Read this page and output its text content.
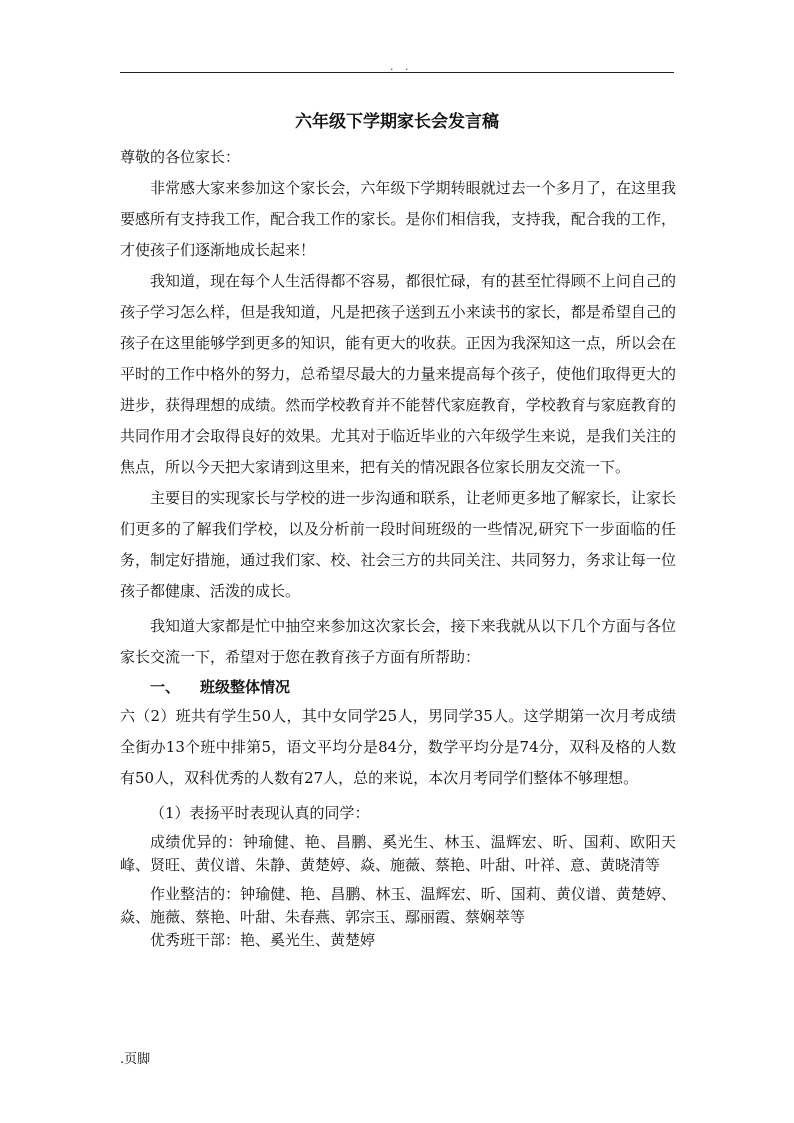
. .
六年级下学期家长会发言稿

尊敬的各位家长：

非常感大家来参加这个家长会，六年级下学期转眼就过去一个多月了，在这里我要感所有支持我工作，配合我工作的家长。是你们相信我，支持我，配合我的工作，才使孩子们逐渐地成长起来！

我知道，现在每个人生活得都不容易，都很忙碌，有的甚至忙得顾不上问自己的孩子学习怎么样，但是我知道，凡是把孩子送到五小来读书的家长，都是希望自己的孩子在这里能够学到更多的知识，能有更大的收获。正因为我深知这一点，所以会在平时的工作中格外的努力，总希望尽最大的力量来提高每个孩子，使他们取得更大的进步，获得理想的成绩。然而学校教育并不能替代家庭教育，学校教育与家庭教育的共同作用才会取得良好的效果。尤其对于临近毕业的六年级学生来说，是我们关注的焦点，所以今天把大家请到这里来，把有关的情况跟各位家长朋友交流一下。

主要目的实现家长与学校的进一步沟通和联系，让老师更多地了解家长，让家长们更多的了解我们学校，以及分析前一段时间班级的一些情况,研究下一步面临的任务，制定好措施，通过我们家、校、社会三方的共同关注、共同努力，务求让每一位孩子都健康、活泼的成长。

我知道大家都是忙中抽空来参加这次家长会，接下来我就从以下几个方面与各位家长交流一下，希望对于您在教育孩子方面有所帮助：

一、 班级整体情况

六（2）班共有学生50人，其中女同学25人，男同学35人。这学期第一次月考成绩全街办13个班中排第5，语文平均分是84分，数学平均分是74分，双科及格的人数有50人，双科优秀的人数有27人，总的来说，本次月考同学们整体不够理想。

（1）表扬平时表现认真的同学：

成绩优异的：钟瑜健、艳、昌鹏、奚光生、林玉、温辉宏、昕、国莉、欧阳天峰、贤旺、黄仪谱、朱静、黄楚婷、焱、施薇、蔡艳、叶甜、叶祥、意、黄晓清等

作业整洁的：钟瑜健、艳、昌鹏、林玉、温辉宏、昕、国莉、黄仪谱、黄楚婷、焱、施薇、蔡艳、叶甜、朱春燕、郭宗玉、鄢丽霞、蔡娴萃等

优秀班干部：艳、奚光生、黄楚婷

.页脚
